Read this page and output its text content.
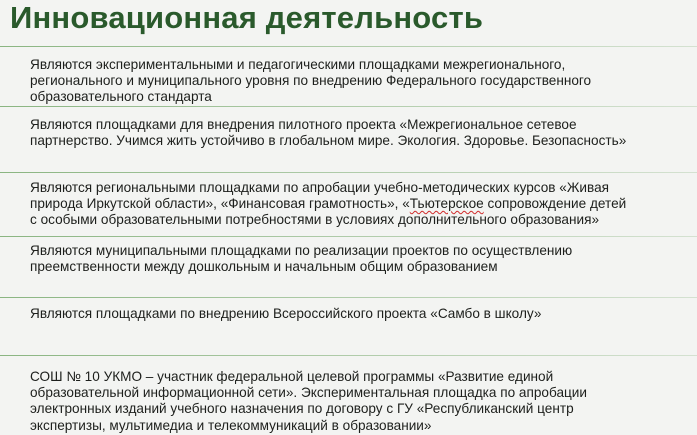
Инновационная деятельность
Являются экспериментальными и педагогическими площадками межрегионального,
регионального и муниципального уровня по внедрению Федерального государственного
образовательного стандарта
Являются площадками для внедрения пилотного проекта «Межрегиональное сетевое
партнерство. Учимся жить устойчиво в глобальном мире. Экология. Здоровье. Безопасность»
Являются региональными площадками по апробации учебно-методических курсов «Живая
природа Иркутской области», «Финансовая грамотность», «Тьютерское сопровождение детей
с особыми образовательными потребностями в условиях дополнительного образования»
Являются муниципальными площадками по реализации проектов по осуществлению
преемственности между дошкольным и начальным общим образованием
Являются площадками по внедрению Всероссийского проекта «Самбо в школу»
СОШ № 10 УКМО – участник федеральной целевой программы «Развитие единой
образовательной информационной сети». Экспериментальная площадка по апробации
электронных изданий учебного назначения по договору с ГУ «Республиканский центр
экспертизы, мультимедиа и телекоммуникаций в образовании»
